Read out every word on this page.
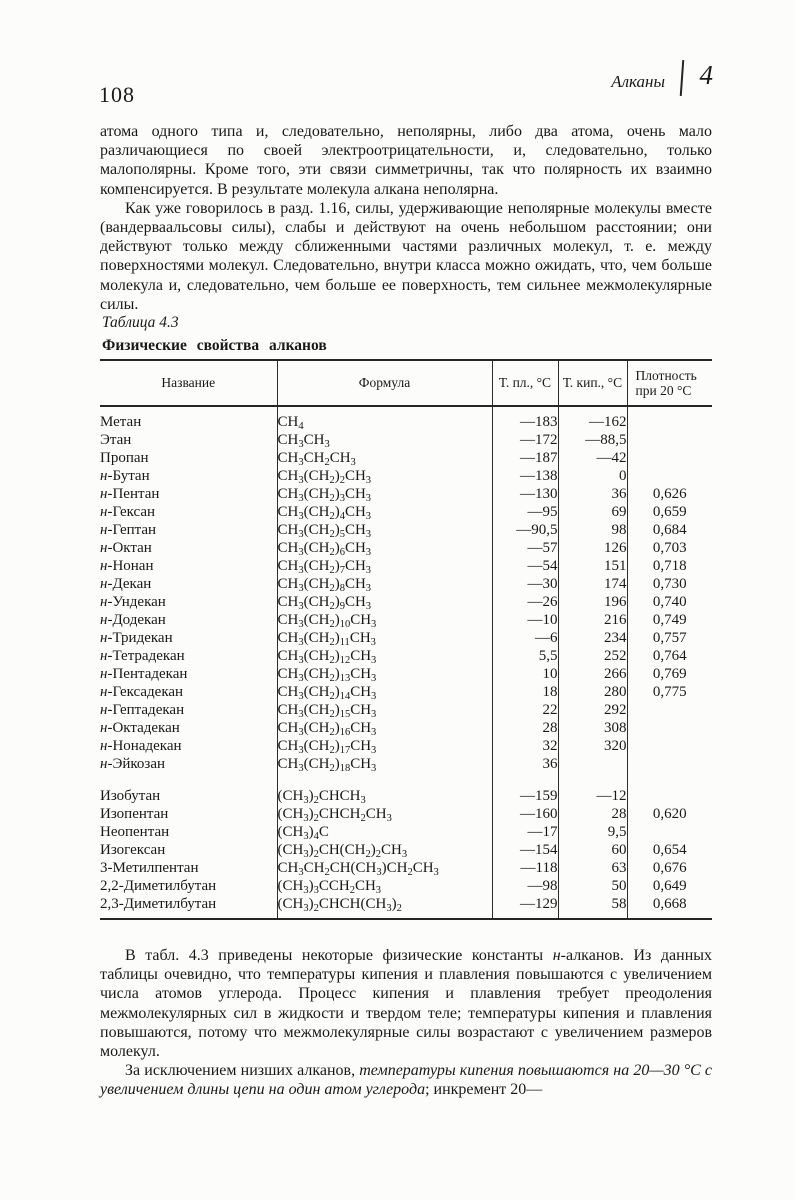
108
Алканы 4

атома одного типа и, следовательно, неполярны, либо два атома, очень мало различающиеся по своей электроотрицательности, и, следовательно, только малополярны. Кроме того, эти связи симметричны, так что полярность их взаимно компенсируется. В результате молекула алкана неполярна.

Как уже говорилось в разд. 1.16, силы, удерживающие неполярные молекулы вместе (вандерваальсовы силы), слабы и действуют на очень небольшом расстоянии; они действуют только между сближенными частями различных молекул, т. е. между поверхностями молекул. Следовательно, внутри класса можно ожидать, что, чем больше молекула и, следовательно, чем больше ее поверхность, тем сильнее межмолекулярные силы.

Таблица 4.3
Физические свойства алканов
Название	Формула	Т. пл., °С	Т. кип., °С	Плотность при 20 °С
Метан	$CH_4$	—183	—162	
Этан	$CH_3CH_3$	—172	—88,5	
Пропан	$CH_3CH_2CH_3$	—187	—42	
н-Бутан	$CH_3(CH_2)_2CH_3$	—138	0	
н-Пентан	$CH_3(CH_2)_3CH_3$	—130	36	0,626
н-Гексан	$CH_3(CH_2)_4CH_3$	—95	69	0,659
н-Гептан	$CH_3(CH_2)_5CH_3$	—90,5	98	0,684
н-Октан	$CH_3(CH_2)_6CH_3$	—57	126	0,703
н-Нонан	$CH_3(CH_2)_7CH_3$	—54	151	0,718
н-Декан	$CH_3(CH_2)_8CH_3$	—30	174	0,730
н-Ундекан	$CH_3(CH_2)_9CH_3$	—26	196	0,740
н-Додекан	$CH_3(CH_2)_{10}CH_3$	—10	216	0,749
н-Тридекан	$CH_3(CH_2)_{11}CH_3$	—6	234	0,757
н-Тетрадекан	$CH_3(CH_2)_{12}CH_3$	5,5	252	0,764
н-Пентадекан	$CH_3(CH_2)_{13}CH_3$	10	266	0,769
н-Гексадекан	$CH_3(CH_2)_{14}CH_3$	18	280	0,775
н-Гептадекан	$CH_3(CH_2)_{15}CH_3$	22	292	
н-Октадекан	$CH_3(CH_2)_{16}CH_3$	28	308	
н-Нонадекан	$CH_3(CH_2)_{17}CH_3$	32	320	
н-Эйкозан	$CH_3(CH_2)_{18}CH_3$	36		

Изобутан	$(CH_3)_2CHCH_3$	—159	—12	
Изопентан	$(CH_3)_2CHCH_2CH_3$	—160	28	0,620
Неопентан	$(CH_3)_4C$	—17	9,5	
Изогексан	$(CH_3)_2CH(CH_2)_2CH_3$	—154	60	0,654
3-Метилпентан	$CH_3CH_2CH(CH_3)CH_2CH_3$	—118	63	0,676
2,2-Диметилбутан	$(CH_3)_3CCH_2CH_3$	—98	50	0,649
2,3-Диметилбутан	$(CH_3)_2CHCH(CH_3)_2$	—129	58	0,668

В табл. 4.3 приведены некоторые физические константы н-алканов. Из данных таблицы очевидно, что температуры кипения и плавления повышаются с увеличением числа атомов углерода. Процесс кипения и плавления требует преодоления межмолекулярных сил в жидкости и твердом теле; температуры кипения и плавления повышаются, потому что межмолекулярные силы возрастают с увеличением размеров молекул.

За исключением низших алканов, температуры кипения повышаются на 20—30 °С с увеличением длины цепи на один атом углерода; инкремент 20—
